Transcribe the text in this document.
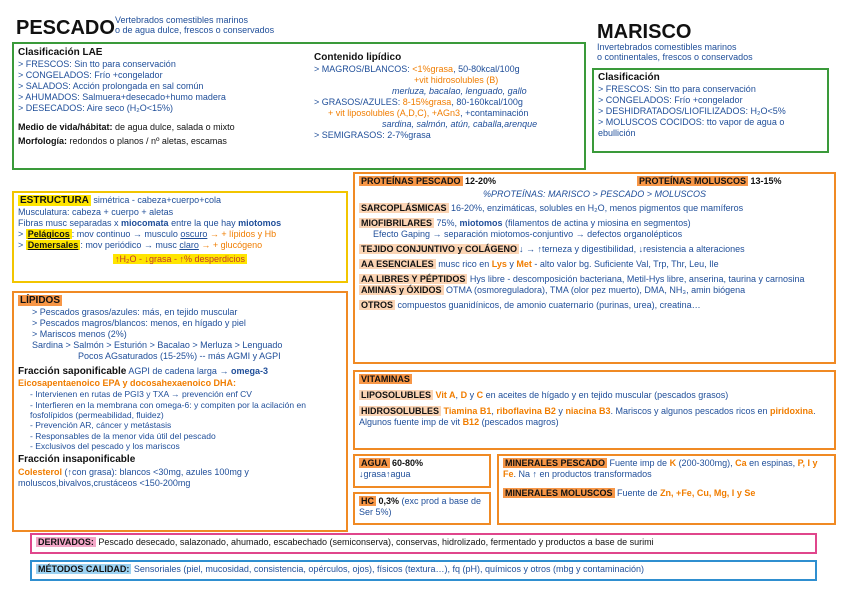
PESCADO Vertebrados comestibles marinos
o de agua dulce, frescos o conservados
Clasificación LAE
> FRESCOS: Sin tto para conservación
> CONGELADOS: Frío +congelador
> SALADOS: Acción prolongada en sal común
> AHUMADOS: Salmuera+desecado+humo madera
> DESECADOS: Aire seco (H₂O<15%)
Medio de vida/hábitat: de agua dulce, salada o mixto
Morfología: redondos o planos / nº aletas, escamas
Contenido lipídico
> MAGROS/BLANCOS: <1%grasa, 50-80kcal/100g
+vit hidrosolubles (B)
merluza, bacalao, lenguado, gallo
> GRASOS/AZULES: 8-15%grasa, 80-160kcal/100g
+ vit liposolubles (A,D,C), +AGn3, +contaminación
sardina, salmón, atún, caballa,arenque
> SEMIGRASOS: 2-7%grasa
MARISCO
Invertebrados comestibles marinos
o continentales, frescos o conservados
Clasificación
> FRESCOS: Sin tto para conservación
> CONGELADOS: Frío +congelador
> DESHIDRATADOS/LIOFILIZADOS: H₂O<5%
> MOLUSCOS COCIDOS: tto vapor de agua o ebullición
ESTRUCTURA simétrica - cabeza+cuerpo+cola
Musculatura: cabeza + cuerpo + aletas
Fibras musc separadas x miocomata entre la que hay miotomos
> Pelágicos : mov continuo → musculo oscuro → + lípidos y Hb
> Demersales : mov periódico → musc claro → + glucógeno
↑H₂O - ↓grasa - ↑% desperdicios
LÍPIDOS
> Pescados grasos/azules: más, en tejido muscular
> Pescados magros/blancos: menos, en hígado y piel
> Mariscos menos (2%)
Sardina > Salmón > Esturión > Bacalao > Merluza > Lenguado
Pocos AGsaturados (15-25%) -- más AGMI y AGPI
Fracción saponificable AGPI de cadena larga → omega-3
Eicosapentaenoico EPA y docosahexaenoico DHA:
- Intervienen en rutas de PGI3 y TXA → prevención enf CV
- Interfieren en la membrana con omega-6: y compiten por la acilación en fosfolípidos (permeabilidad, fluidez)
- Prevención AR, cáncer y metástasis
- Responsables de la menor vida útil del pescado
- Exclusivos del pescado y los mariscos
Fracción insaponificable
Colesterol (↑con grasa): blancos <30mg, azules 100mg y moluscos,bivalvos,crustáceos <150-200mg
PROTEÍNAS PESCADO 12-20%	PROTEÍNAS MOLUSCOS 13-15%
%PROTEÍNAS: MARISCO > PESCADO > MOLUSCOS
SARCOPLÁSMICAS 16-20%, enzimáticas, solubles en H₂O, menos pigmentos que mamíferos
MIOFIBRILARES 75%, miotomos (filamentos de actina y miosina en segmentos)
Efecto Gaping → separación miotomos-conjuntivo → defectos organolépticos
TEJIDO CONJUNTIVO y COLÁGENO ↓ → ↑terneza y digestibilidad, ↓resistencia a alteraciones
AA ESENCIALES musc rico en Lys y Met - alto valor bg. Suficiente Val, Trp, Thr, Leu, Ile
AA LIBRES Y PÉPTIDOS Hys libre - descomposición bacteriana, Metil-Hys libre, anserina, taurina y carnosina
AMINAS y ÓXIDOS OTMA (osmoreguladora), TMA (olor pez muerto), DMA, NH₃, amin biógena
OTROS compuestos guanidínicos, de amonio cuaternario (purinas, urea), creatina…
VITAMINAS
LIPOSOLUBLES Vit A, D y C en aceites de hígado y en tejido muscular (pescados grasos)
HIDROSOLUBLES Tiamina B1, riboflavina B2 y niacina B3. Mariscos y algunos pescados ricos en piridoxina. Algunos fuente imp de vit B12 (pescados magros)
AGUA 60-80%
↓grasa↑agua
HC 0,3% (exc prod a base de Ser 5%)
MINERALES PESCADO Fuente imp de K (200-300mg), Ca en espinas, P, I y Fe. Na ↑ en productos transformados
MINERALES MOLUSCOS Fuente de Zn, +Fe, Cu, Mg, I y Se
DERIVADOS: Pescado desecado, salazonado, ahumado, escabechado (semiconserva), conservas, hidrolizado, fermentado y productos a base de surimi
MÉTODOS CALIDAD: Sensoriales (piel, mucosidad, consistencia, opérculos, ojos), físicos (textura…), fq (pH), químicos y otros (mbg y contaminación)
